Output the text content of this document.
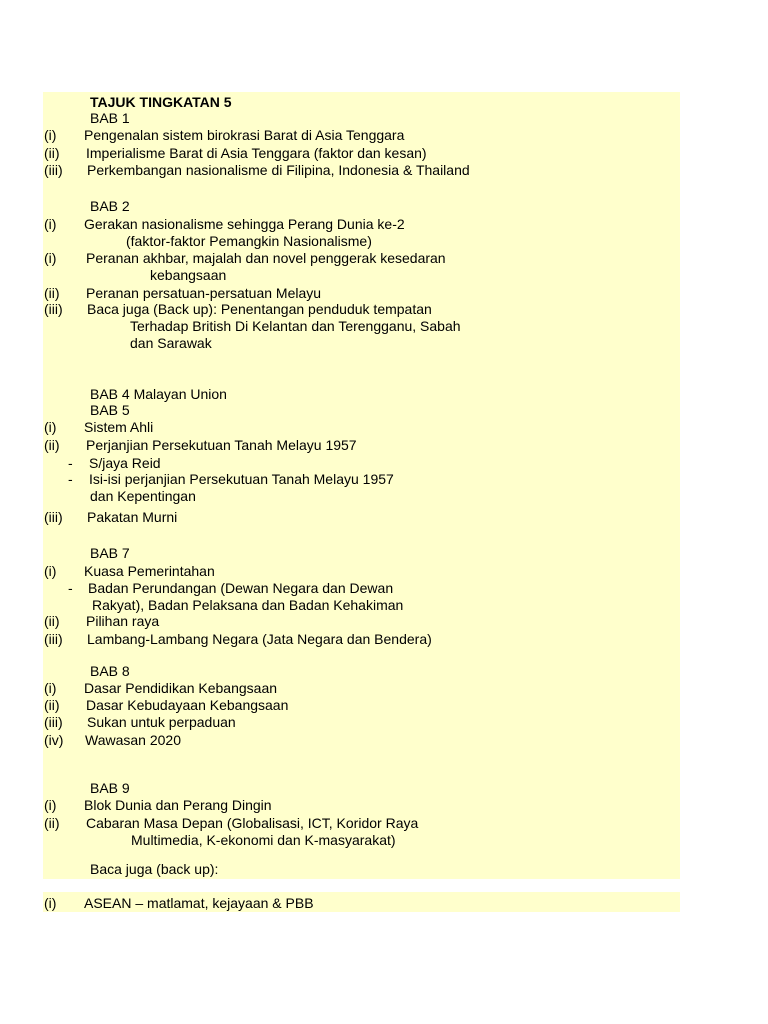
TAJUK TINGKATAN 5
BAB 1
(i) Pengenalan sistem birokrasi Barat di Asia Tenggara
(ii) Imperialisme Barat di Asia Tenggara (faktor dan kesan)
(iii) Perkembangan nasionalisme di Filipina, Indonesia & Thailand
BAB 2
(i) Gerakan nasionalisme sehingga Perang Dunia ke-2
(faktor-faktor Pemangkin Nasionalisme)
(i) Peranan akhbar, majalah dan novel penggerak kesedaran
kebangsaan
(ii) Peranan persatuan-persatuan Melayu
(iii) Baca juga (Back up): Penentangan penduduk tempatan
Terhadap British Di Kelantan dan Terengganu, Sabah
dan Sarawak
BAB 4 Malayan Union
BAB 5
(i) Sistem Ahli
(ii) Perjanjian Persekutuan Tanah Melayu 1957
- S/jaya Reid
- Isi-isi perjanjian Persekutuan Tanah Melayu 1957
dan Kepentingan
(iii) Pakatan Murni
BAB 7
(i) Kuasa Pemerintahan
- Badan Perundangan (Dewan Negara dan Dewan
Rakyat), Badan Pelaksana dan Badan Kehakiman
(ii) Pilihan raya
(iii) Lambang-Lambang Negara (Jata Negara dan Bendera)
BAB 8
(i) Dasar Pendidikan Kebangsaan
(ii) Dasar Kebudayaan Kebangsaan
(iii) Sukan untuk perpaduan
(iv) Wawasan 2020
BAB 9
(i) Blok Dunia dan Perang Dingin
(ii) Cabaran Masa Depan (Globalisasi, ICT, Koridor Raya
Multimedia, K-ekonomi dan K-masyarakat)
Baca juga (back up):
(i) ASEAN – matlamat, kejayaan & PBB
